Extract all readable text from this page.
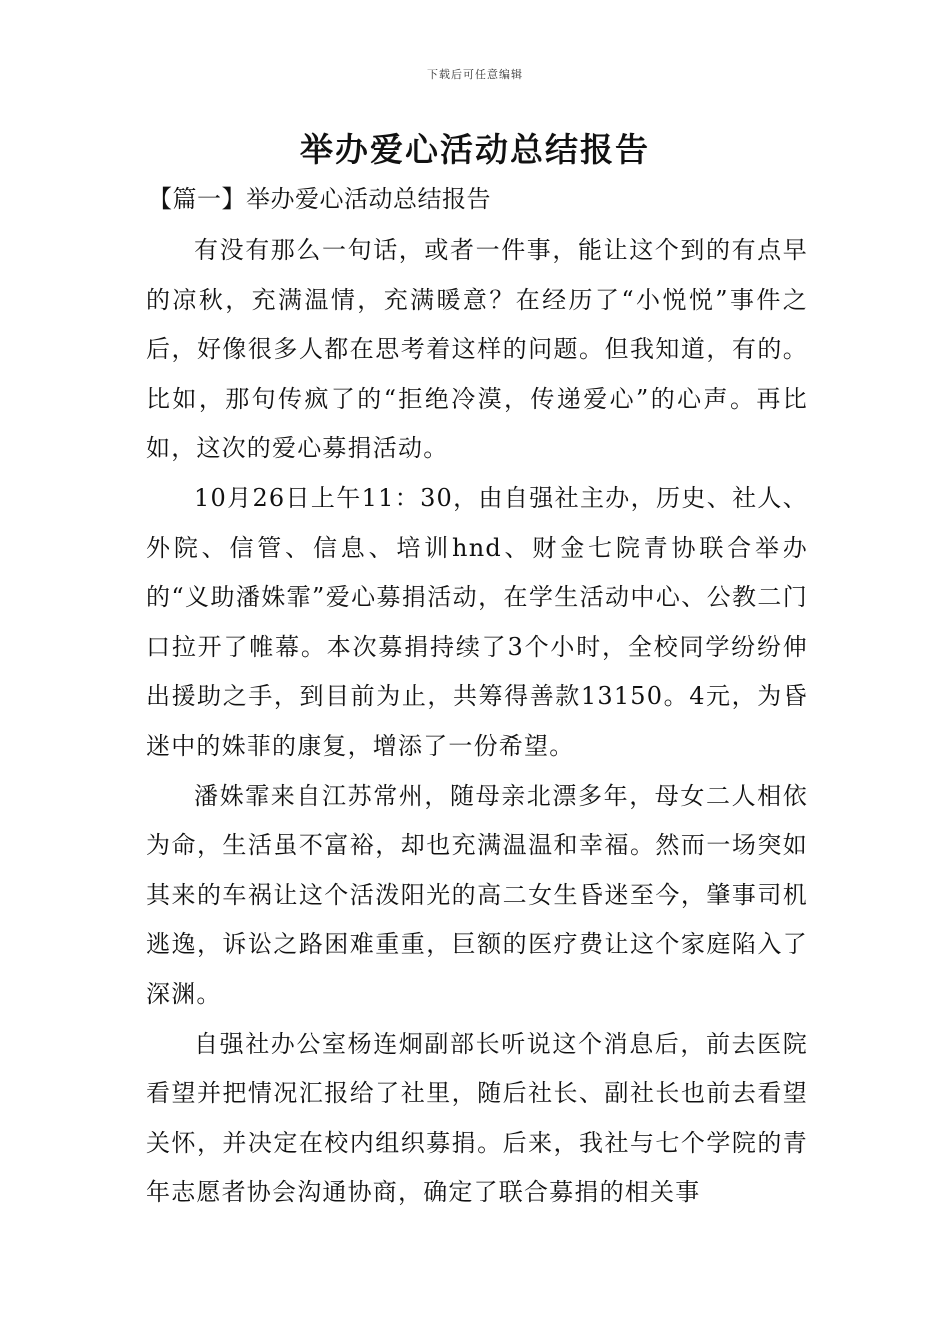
下载后可任意编辑
举办爱心活动总结报告
【篇一】举办爱心活动总结报告

有没有那么一句话，或者一件事，能让这个到的有点早的凉秋，充满温情，充满暖意？在经历了“小悦悦”事件之后，好像很多人都在思考着这样的问题。但我知道，有的。比如，那句传疯了的“拒绝冷漠，传递爱心”的心声。再比如，这次的爱心募捐活动。

10月26日上午11：30，由自强社主办，历史、社人、外院、信管、信息、培训hnd、财金七院青协联合举办的“义助潘姝霏”爱心募捐活动，在学生活动中心、公教二门口拉开了帷幕。本次募捐持续了3个小时，全校同学纷纷伸出援助之手，到目前为止，共筹得善款13150。4元，为昏迷中的姝菲的康复，增添了一份希望。

潘姝霏来自江苏常州，随母亲北漂多年，母女二人相依为命，生活虽不富裕，却也充满温温和幸福。然而一场突如其来的车祸让这个活泼阳光的高二女生昏迷至今，肇事司机逃逸，诉讼之路困难重重，巨额的医疗费让这个家庭陷入了深渊。

自强社办公室杨连炯副部长听说这个消息后，前去医院看望并把情况汇报给了社里，随后社长、副社长也前去看望关怀，并决定在校内组织募捐。后来，我社与七个学院的青年志愿者协会沟通协商，确定了联合募捐的相关事
